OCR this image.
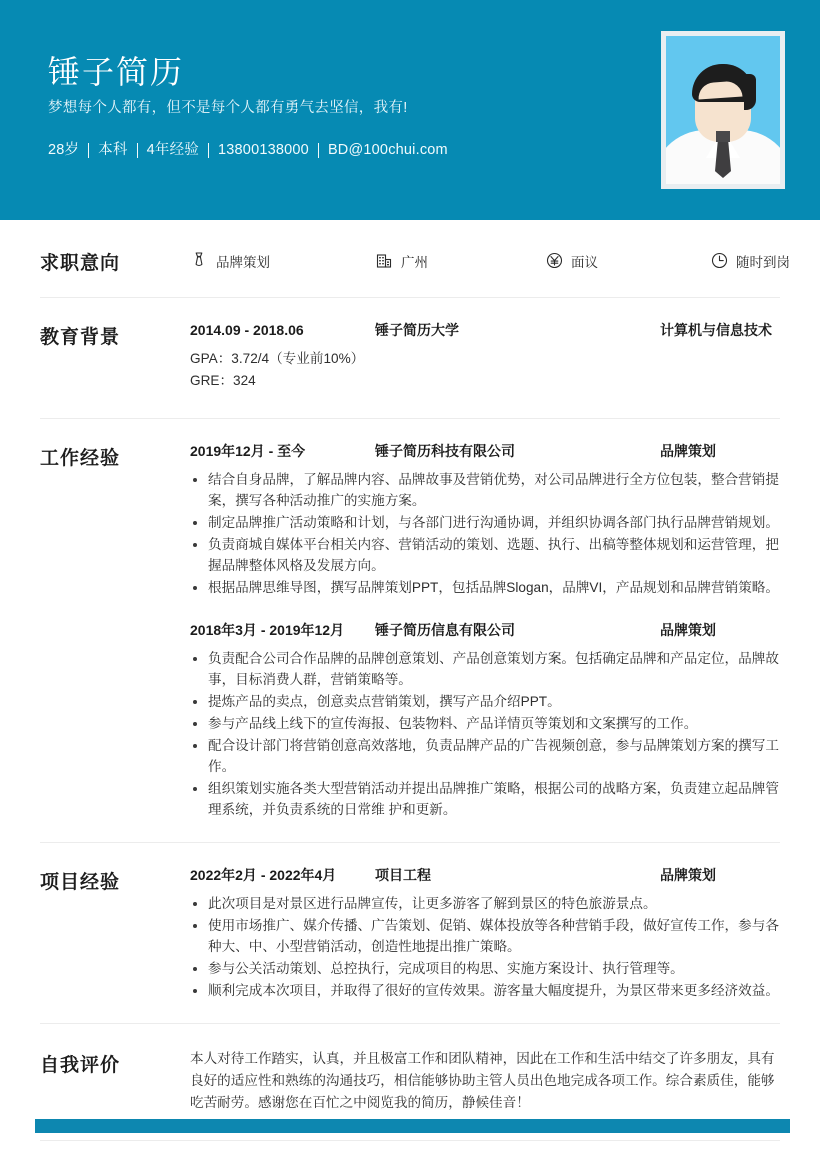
锤子简历
梦想每个人都有，但不是每个人都有勇气去坚信，我有!
28岁 本科 4年经验 13800138000 BD@100chui.com
求职意向	品牌策划	广州	面议	随时到岗
教育背景	2014.09 - 2018.06	锤子简历大学	计算机与信息技术
GPA：3.72/4（专业前10%）
GRE：324
工作经验	2019年12月 - 至今	锤子简历科技有限公司	品牌策划
结合自身品牌，了解品牌内容、品牌故事及营销优势，对公司品牌进行全方位包装，整合营销提案，撰写各种活动推广的实施方案。
制定品牌推广活动策略和计划，与各部门进行沟通协调，并组织协调各部门执行品牌营销规划。
负责商城自媒体平台相关内容、营销活动的策划、选题、执行、出稿等整体规划和运营管理，把握品牌整体风格及发展方向。
根据品牌思维导图，撰写品牌策划PPT，包括品牌Slogan，品牌VI，产品规划和品牌营销策略。
2018年3月 - 2019年12月	锤子简历信息有限公司	品牌策划
负责配合公司合作品牌的品牌创意策划、产品创意策划方案。包括确定品牌和产品定位，品牌故事，目标消费人群，营销策略等。
提炼产品的卖点，创意卖点营销策划，撰写产品介绍PPT。
参与产品线上线下的宣传海报、包装物料、产品详情页等策划和文案撰写的工作。
配合设计部门将营销创意高效落地，负责品牌产品的广告视频创意，参与品牌策划方案的撰写工作。
组织策划实施各类大型营销活动并提出品牌推广策略，根据公司的战略方案，负责建立起品牌管理系统，并负责系统的日常维 护和更新。
项目经验	2022年2月 - 2022年4月	项目工程	品牌策划
此次项目是对景区进行品牌宣传，让更多游客了解到景区的特色旅游景点。
使用市场推广、媒介传播、广告策划、促销、媒体投放等各种营销手段，做好宣传工作，参与各种大、中、小型营销活动，创造性地提出推广策略。
参与公关活动策划、总控执行，完成项目的构思、实施方案设计、执行管理等。
顺利完成本次项目，并取得了很好的宣传效果。游客量大幅度提升，为景区带来更多经济效益。
自我评价	本人对待工作踏实，认真，并且极富工作和团队精神，因此在工作和生活中结交了许多朋友，具有良好的适应性和熟练的沟通技巧，相信能够协助主管人员出色地完成各项工作。综合素质佳，能够吃苦耐劳。感谢您在百忙之中阅览我的简历，静候佳音！
